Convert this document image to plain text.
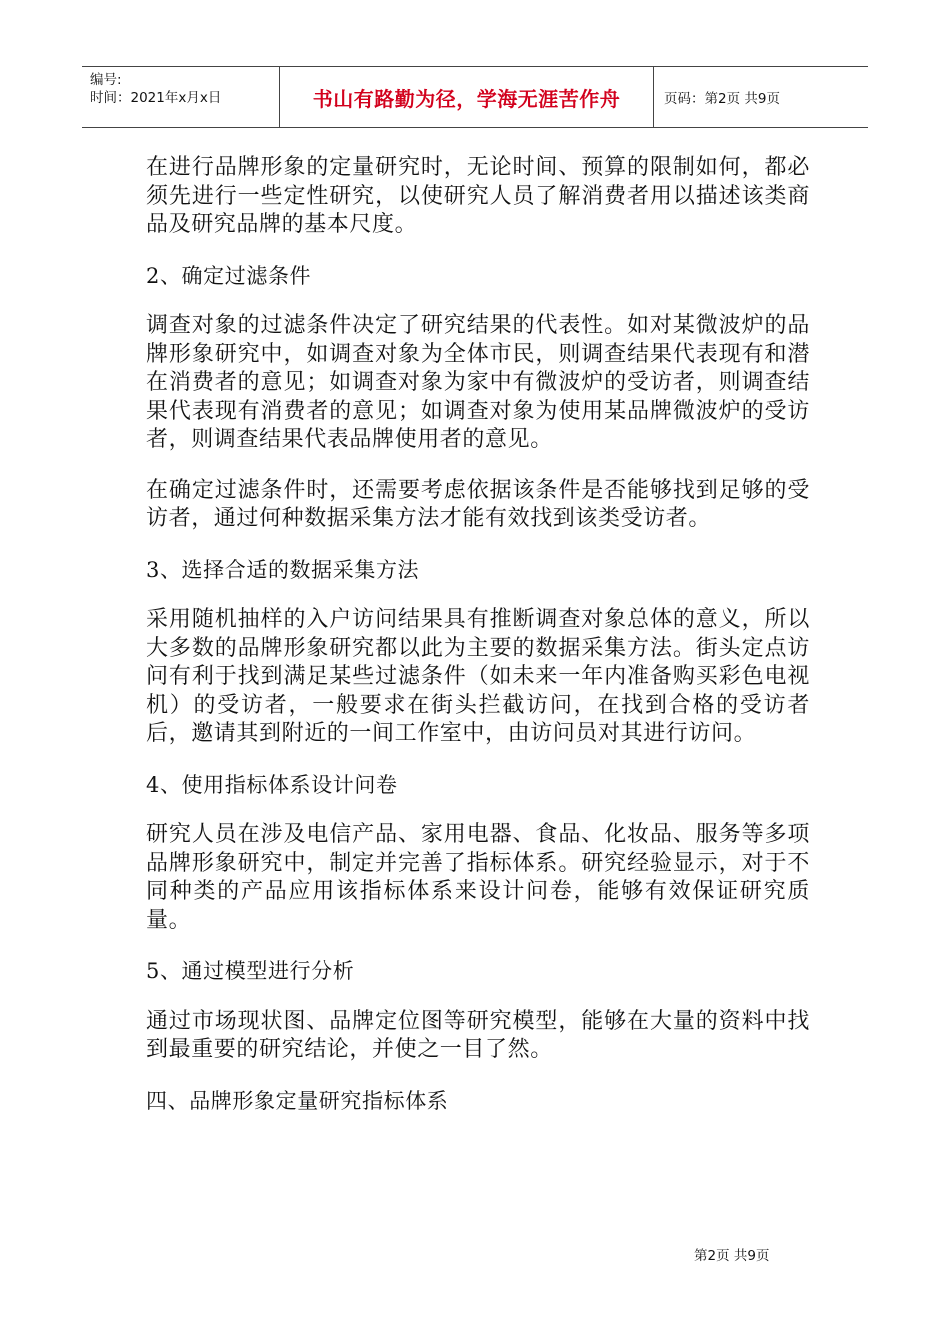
编号:
时间：2021年x月x日	书山有路勤为径，学海无涯苦作舟	页码：第2页 共9页

在进行品牌形象的定量研究时，无论时间、预算的限制如何，都必须先进行一些定性研究，以使研究人员了解消费者用以描述该类商品及研究品牌的基本尺度。

2、确定过滤条件

调查对象的过滤条件决定了研究结果的代表性。如对某微波炉的品牌形象研究中，如调查对象为全体市民，则调查结果代表现有和潜在消费者的意见；如调查对象为家中有微波炉的受访者，则调查结果代表现有消费者的意见；如调查对象为使用某品牌微波炉的受访者，则调查结果代表品牌使用者的意见。

在确定过滤条件时，还需要考虑依据该条件是否能够找到足够的受访者，通过何种数据采集方法才能有效找到该类受访者。

3、选择合适的数据采集方法

采用随机抽样的入户访问结果具有推断调查对象总体的意义，所以大多数的品牌形象研究都以此为主要的数据采集方法。街头定点访问有利于找到满足某些过滤条件（如未来一年内准备购买彩色电视机）的受访者，一般要求在街头拦截访问，在找到合格的受访者后，邀请其到附近的一间工作室中，由访问员对其进行访问。

4、使用指标体系设计问卷

研究人员在涉及电信产品、家用电器、食品、化妆品、服务等多项品牌形象研究中，制定并完善了指标体系。研究经验显示，对于不同种类的产品应用该指标体系来设计问卷，能够有效保证研究质量。

5、通过模型进行分析

通过市场现状图、品牌定位图等研究模型，能够在大量的资料中找到最重要的研究结论，并使之一目了然。

四、品牌形象定量研究指标体系

第2页 共9页
